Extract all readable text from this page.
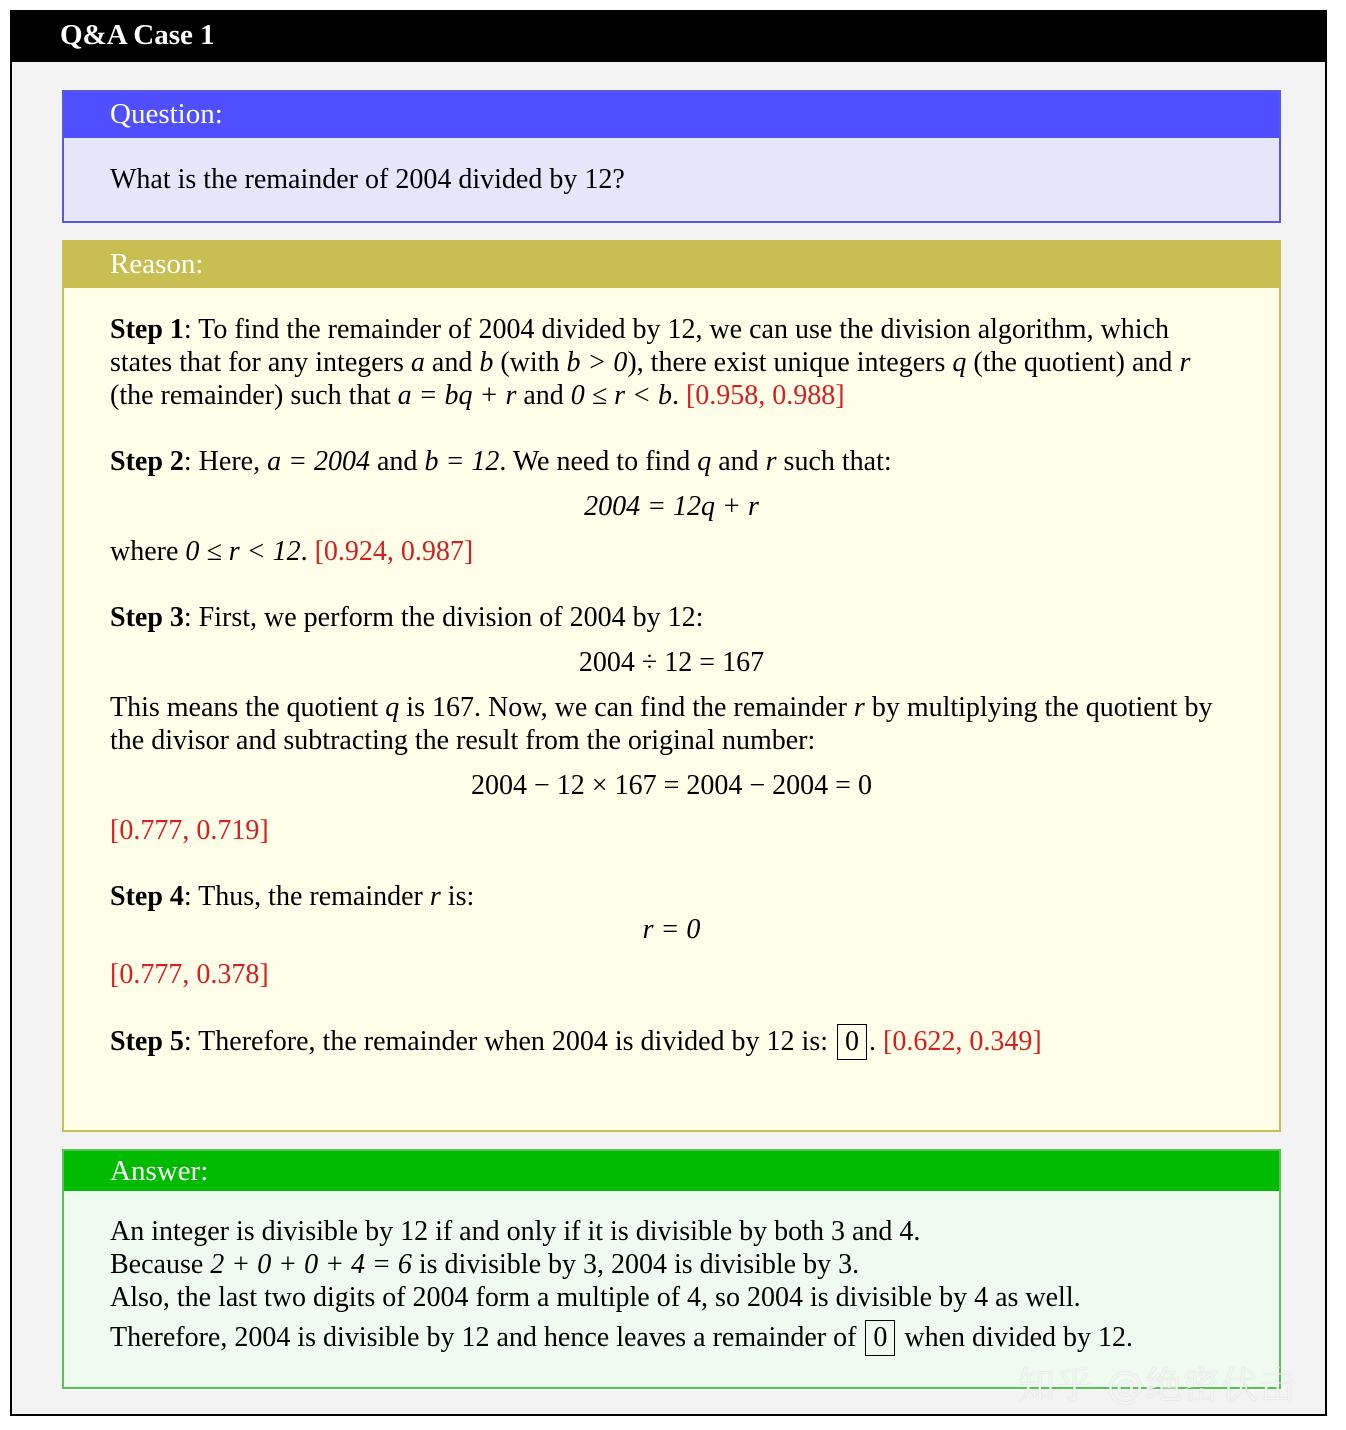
Q&A Case 1
Question:

What is the remainder of 2004 divided by 12?

Reason:

Step 1: To find the remainder of 2004 divided by 12, we can use the division algorithm, which states that for any integers a and b (with b > 0), there exist unique integers q (the quotient) and r (the remainder) such that a = bq + r and 0 ≤ r < b. [0.958, 0.988]

Step 2: Here, a = 2004 and b = 12. We need to find q and r such that:

2004 = 12q + r

where 0 ≤ r < 12. [0.924, 0.987]

Step 3: First, we perform the division of 2004 by 12:

2004 ÷ 12 = 167

This means the quotient q is 167. Now, we can find the remainder r by multiplying the quotient by the divisor and subtracting the result from the original number:

2004 − 12 × 167 = 2004 − 2004 = 0

[0.777, 0.719]

Step 4: Thus, the remainder r is:

r = 0

[0.777, 0.378]

Step 5: Therefore, the remainder when 2004 is divided by 12 is: 0 . [0.622, 0.349]

Answer:

An integer is divisible by 12 if and only if it is divisible by both 3 and 4.

Because 2 + 0 + 0 + 4 = 6 is divisible by 3, 2004 is divisible by 3.

Also, the last two digits of 2004 form a multiple of 4, so 2004 is divisible by 4 as well.

Therefore, 2004 is divisible by 12 and hence leaves a remainder of 0 when divided by 12.

知乎 @绝密伏击
